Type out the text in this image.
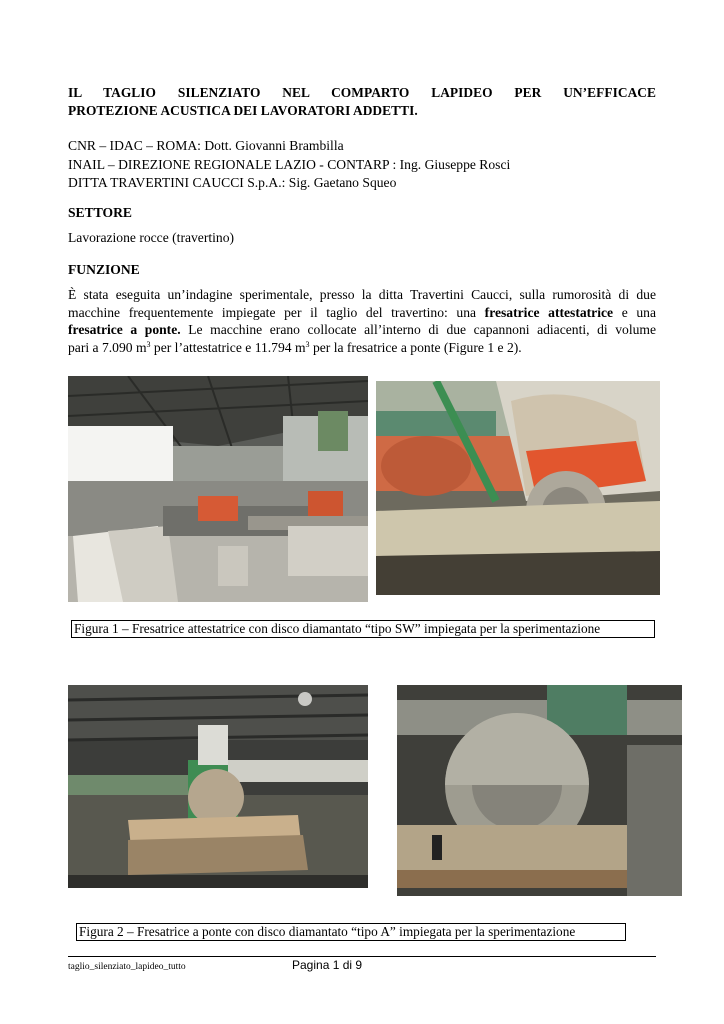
IL TAGLIO SILENZIATO NEL COMPARTO LAPIDEO PER UN’EFFICACE
PROTEZIONE ACUSTICA DEI LAVORATORI ADDETTI.
CNR – IDAC – ROMA: Dott. Giovanni Brambilla
INAIL – DIREZIONE REGIONALE LAZIO - CONTARP : Ing. Giuseppe Rosci
DITTA TRAVERTINI CAUCCI S.p.A.: Sig. Gaetano Squeo
SETTORE
Lavorazione rocce (travertino)
FUNZIONE
È stata eseguita un’indagine sperimentale, presso la ditta Travertini Caucci, sulla rumorosità di due
macchine frequentemente impiegate per il taglio del travertino: una fresatrice attestatrice e una
fresatrice a ponte. Le macchine erano collocate all’interno di due capannoni adiacenti, di volume
pari a 7.090 $m^3$ per l’attestatrice e 11.794 $m^3$ per la fresatrice a ponte (Figure 1 e 2).
Figura 1 – Fresatrice attestatrice con disco diamantato “tipo SW” impiegata per la sperimentazione
Figura 2 – Fresatrice a ponte con disco diamantato “tipo A” impiegata per la sperimentazione
taglio_silenziato_lapideo_tutto	Pagina 1 di 9
